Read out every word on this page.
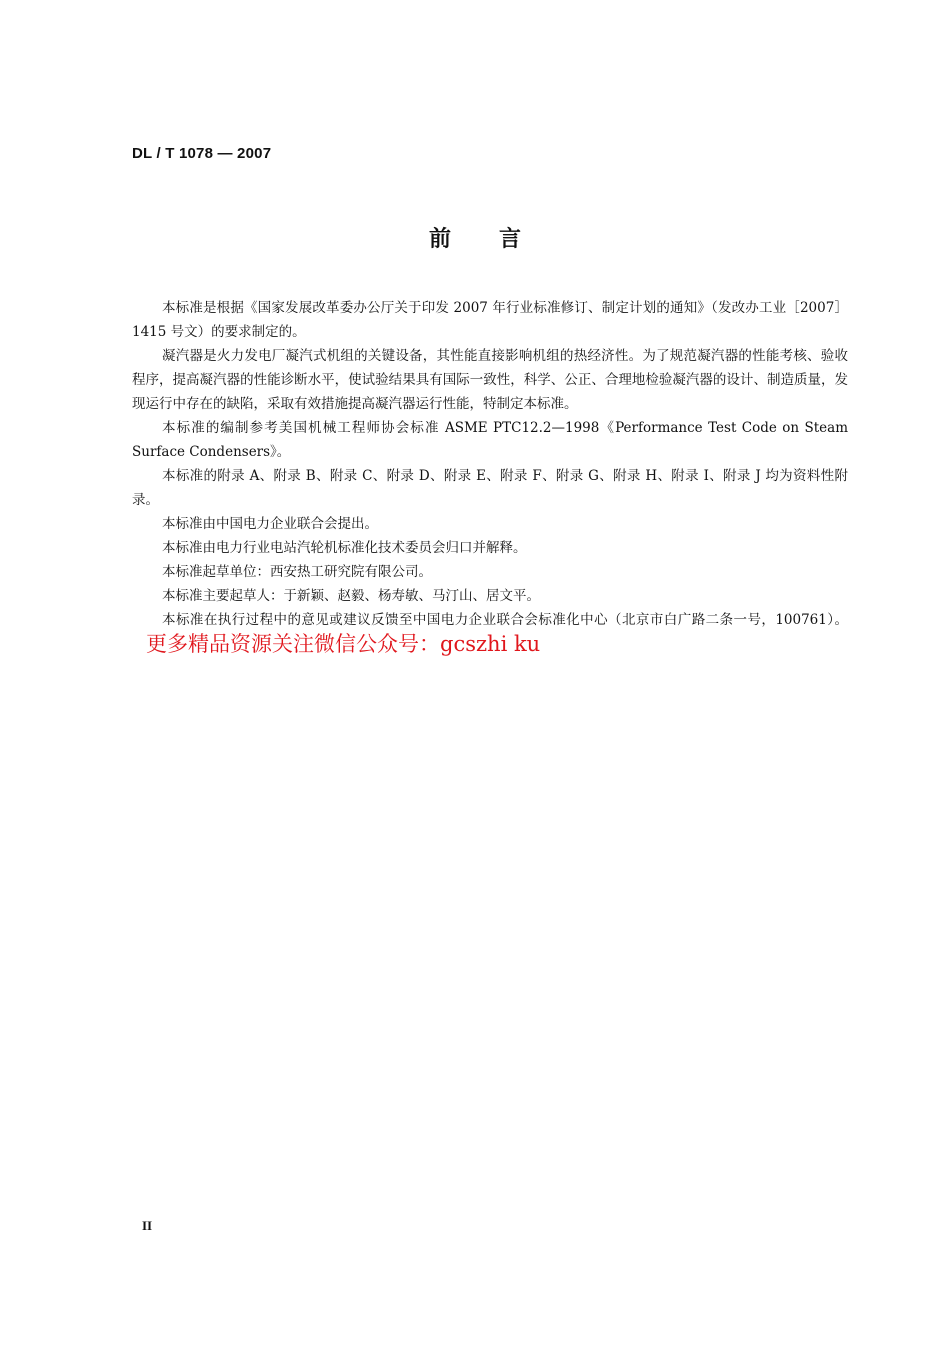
DL / T 1078 — 2007
前言

本标准是根据《国家发展改革委办公厅关于印发 2007 年行业标准修订、制定计划的通知》（发改办工业［2007］1415 号文）的要求制定的。

凝汽器是火力发电厂凝汽式机组的关键设备，其性能直接影响机组的热经济性。为了规范凝汽器的性能考核、验收程序，提高凝汽器的性能诊断水平，使试验结果具有国际一致性，科学、公正、合理地检验凝汽器的设计、制造质量，发现运行中存在的缺陷，采取有效措施提高凝汽器运行性能，特制定本标准。

本标准的编制参考美国机械工程师协会标准 ASME PTC12.2—1998《Performance Test Code on Steam Surface Condensers》。

本标准的附录 A、附录 B、附录 C、附录 D、附录 E、附录 F、附录 G、附录 H、附录 I、附录 J 均为资料性附录。

本标准由中国电力企业联合会提出。

本标准由电力行业电站汽轮机标准化技术委员会归口并解释。

本标准起草单位：西安热工研究院有限公司。

本标准主要起草人：于新颖、赵毅、杨寿敏、马汀山、居文平。

本标准在执行过程中的意见或建议反馈至中国电力企业联合会标准化中心（北京市白广路二条一号，100761）。更多精品资源关注微信公众号：gcszhi ku

II
